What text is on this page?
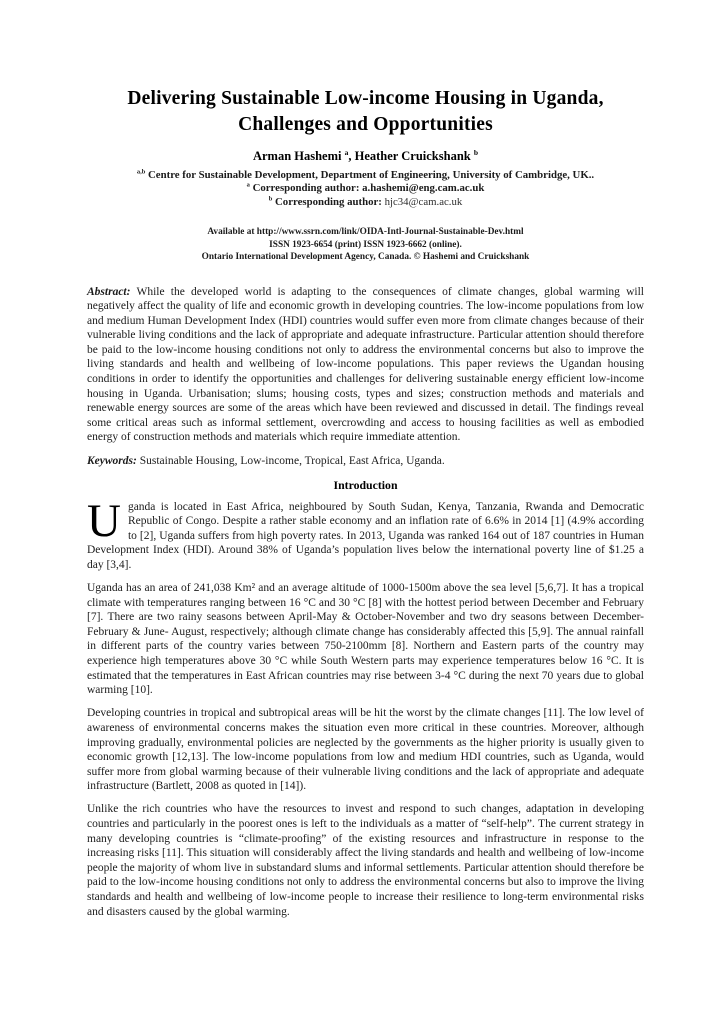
Delivering Sustainable Low-income Housing in Uganda,
Challenges and Opportunities
Arman Hashemi $^a$, Heather Cruickshank $^b$
$^{a,b}$ Centre for Sustainable Development, Department of Engineering, University of Cambridge, UK..
$^a$ Corresponding author: a.hashemi@eng.cam.ac.uk
$^b$ Corresponding author: hjc34@cam.ac.uk
Available at http://www.ssrn.com/link/OIDA-Intl-Journal-Sustainable-Dev.html
ISSN 1923-6654 (print) ISSN 1923-6662 (online).
Ontario International Development Agency, Canada. © Hashemi and Cruickshank

Abstract: While the developed world is adapting to the consequences of climate changes, global warming will negatively affect the quality of life and economic growth in developing countries. The low-income populations from low and medium Human Development Index (HDI) countries would suffer even more from climate changes because of their vulnerable living conditions and the lack of appropriate and adequate infrastructure. Particular attention should therefore be paid to the low-income housing conditions not only to address the environmental concerns but also to improve the living standards and health and wellbeing of low-income populations. This paper reviews the Ugandan housing conditions in order to identify the opportunities and challenges for delivering sustainable energy efficient low-income housing in Uganda. Urbanisation; slums; housing costs, types and sizes; construction methods and materials and renewable energy sources are some of the areas which have been reviewed and discussed in detail. The findings reveal some critical areas such as informal settlement, overcrowding and access to housing facilities as well as embodied energy of construction methods and materials which require immediate attention.

Keywords: Sustainable Housing, Low-income, Tropical, East Africa, Uganda.

Introduction

Uganda is located in East Africa, neighboured by South Sudan, Kenya, Tanzania, Rwanda and Democratic Republic of Congo. Despite a rather stable economy and an inflation rate of 6.6% in 2014 [1] (4.9% according to [2], Uganda suffers from high poverty rates. In 2013, Uganda was ranked 164 out of 187 countries in Human Development Index (HDI). Around 38% of Uganda’s population lives below the international poverty line of $1.25 a day [3,4].

Uganda has an area of 241,038 Km² and an average altitude of 1000-1500m above the sea level [5,6,7]. It has a tropical climate with temperatures ranging between 16 °C and 30 °C [8] with the hottest period between December and February [7]. There are two rainy seasons between April-May & October-November and two dry seasons between December-February & June- August, respectively; although climate change has considerably affected this [5,9]. The annual rainfall in different parts of the country varies between 750-2100mm [8]. Northern and Eastern parts of the country may experience high temperatures above 30 °C while South Western parts may experience temperatures below 16 °C. It is estimated that the temperatures in East African countries may rise between 3-4 °C during the next 70 years due to global warming [10].

Developing countries in tropical and subtropical areas will be hit the worst by the climate changes [11]. The low level of awareness of environmental concerns makes the situation even more critical in these countries. Moreover, although improving gradually, environmental policies are neglected by the governments as the higher priority is usually given to economic growth [12,13]. The low-income populations from low and medium HDI countries, such as Uganda, would suffer more from global warming because of their vulnerable living conditions and the lack of appropriate and adequate infrastructure (Bartlett, 2008 as quoted in [14]).

Unlike the rich countries who have the resources to invest and respond to such changes, adaptation in developing countries and particularly in the poorest ones is left to the individuals as a matter of “self-help”. The current strategy in many developing countries is “climate-proofing” of the existing resources and infrastructure in response to the increasing risks [11]. This situation will considerably affect the living standards and health and wellbeing of low-income people the majority of whom live in substandard slums and informal settlements. Particular attention should therefore be paid to the low-income housing conditions not only to address the environmental concerns but also to improve the living standards and health and wellbeing of low-income people to increase their resilience to long-term environmental risks and disasters caused by the global warming.
